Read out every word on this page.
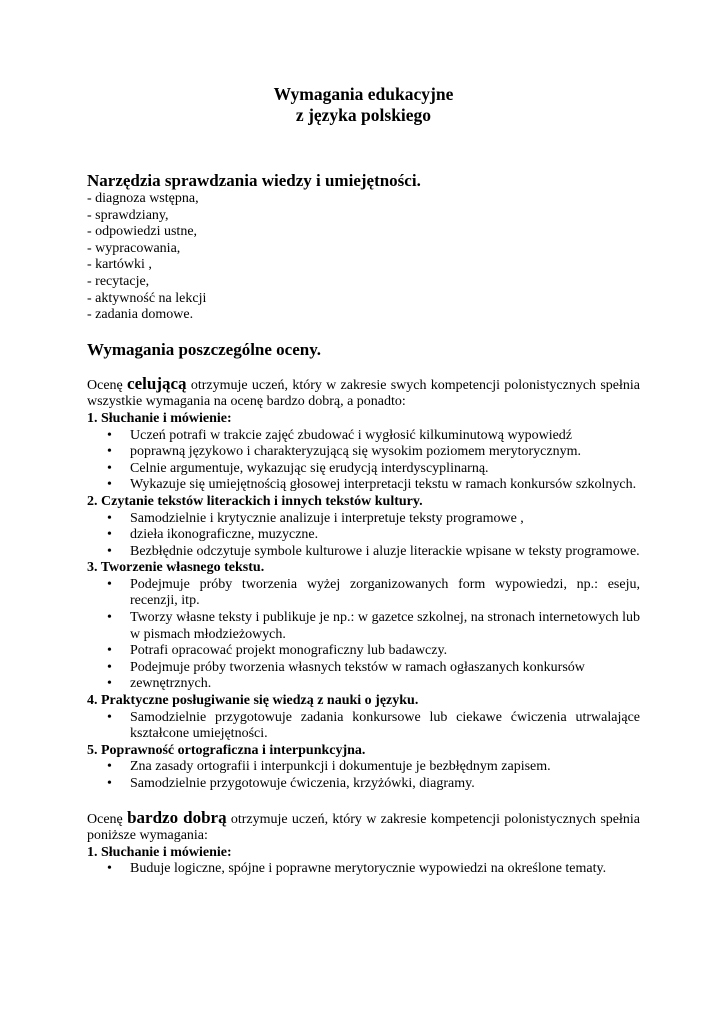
Wymagania edukacyjne
z języka polskiego
Narzędzia sprawdzania wiedzy i umiejętności.
- diagnoza wstępna,
- sprawdziany,
- odpowiedzi ustne,
- wypracowania,
- kartówki ,
- recytacje,
- aktywność na lekcji
- zadania domowe.
Wymagania poszczególne oceny.
Ocenę celującą otrzymuje uczeń, który w zakresie swych kompetencji polonistycznych spełnia wszystkie wymagania na ocenę bardzo dobrą, a ponadto:
1. Słuchanie i mówienie:
• Uczeń potrafi w trakcie zajęć zbudować i wygłosić kilkuminutową wypowiedź
• poprawną językowo i charakteryzującą się wysokim poziomem merytorycznym.
• Celnie argumentuje, wykazując się erudycją interdyscyplinarną.
• Wykazuje się umiejętnością głosowej interpretacji tekstu w ramach konkursów szkolnych.
2. Czytanie tekstów literackich i innych tekstów kultury.
• Samodzielnie i krytycznie analizuje i interpretuje teksty programowe ,
• dzieła ikonograficzne, muzyczne.
• Bezbłędnie odczytuje symbole kulturowe i aluzje literackie wpisane w teksty programowe.
3. Tworzenie własnego tekstu.
• Podejmuje próby tworzenia wyżej zorganizowanych form wypowiedzi, np.: eseju, recenzji, itp.
• Tworzy własne teksty i publikuje je np.: w gazetce szkolnej, na stronach internetowych lub w pismach młodzieżowych.
• Potrafi opracować projekt monograficzny lub badawczy.
• Podejmuje próby tworzenia własnych tekstów w ramach ogłaszanych konkursów
• zewnętrznych.
4. Praktyczne posługiwanie się wiedzą z nauki o języku.
• Samodzielnie przygotowuje zadania konkursowe lub ciekawe ćwiczenia utrwalające kształcone umiejętności.
5. Poprawność ortograficzna i interpunkcyjna.
• Zna zasady ortografii i interpunkcji i dokumentuje je bezbłędnym zapisem.
• Samodzielnie przygotowuje ćwiczenia, krzyżówki, diagramy.
Ocenę bardzo dobrą otrzymuje uczeń, który w zakresie kompetencji polonistycznych spełnia poniższe wymagania:
1. Słuchanie i mówienie:
• Buduje logiczne, spójne i poprawne merytorycznie wypowiedzi na określone tematy.
